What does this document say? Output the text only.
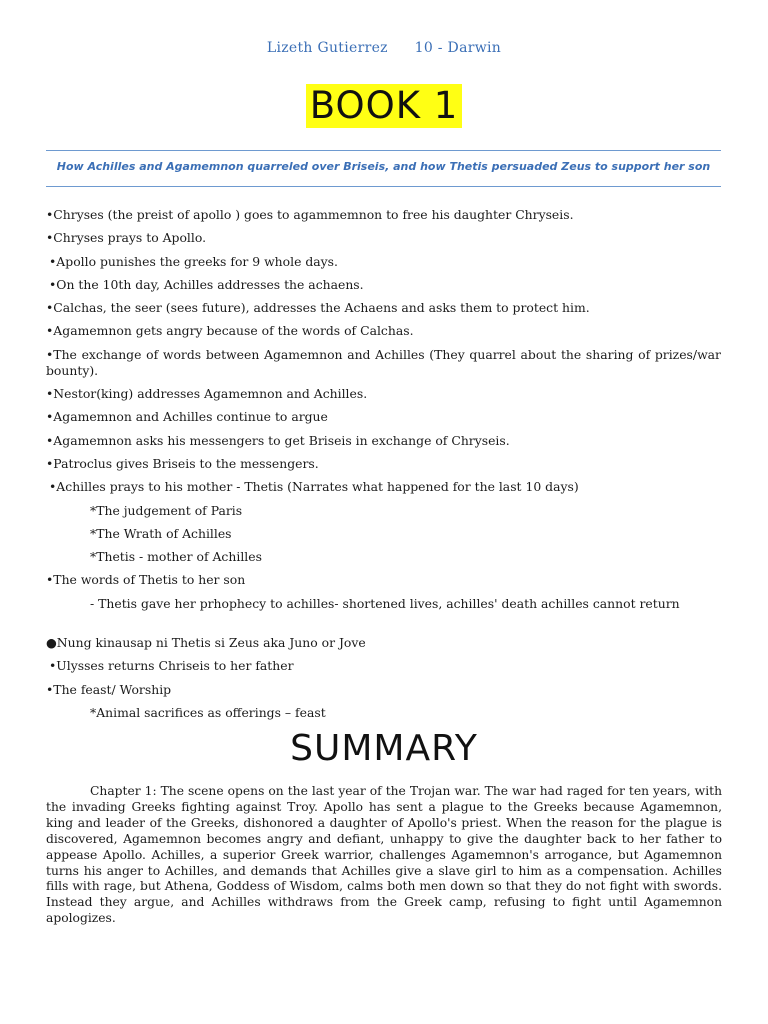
Lizeth Gutierrez 10 - Darwin
BOOK 1
How Achilles and Agamemnon quarreled over Briseis, and how Thetis persuaded Zeus to support her son
•Chryses (the preist of apollo ) goes to agammemnon to free his daughter Chryseis.
•Chryses prays to Apollo.
•Apollo punishes the greeks for 9 whole days.
•On the 10th day, Achilles addresses the achaens.
•Calchas, the seer (sees future), addresses the Achaens and asks them to protect him.
•Agamemnon gets angry because of the words of Calchas.
•The exchange of words between Agamemnon and Achilles (They quarrel about the sharing of prizes/war bounty).
•Nestor(king) addresses Agamemnon and Achilles.
•Agamemnon and Achilles continue to argue
•Agamemnon asks his messengers to get Briseis in exchange of Chryseis.
•Patroclus gives Briseis to the messengers.
•Achilles prays to his mother - Thetis (Narrates what happened for the last 10 days)
*The judgement of Paris
*The Wrath of Achilles
*Thetis - mother of Achilles
•The words of Thetis to her son
- Thetis gave her prhophecy to achilles- shortened lives, achilles' death achilles cannot return
●Nung kinausap ni Thetis si Zeus aka Juno or Jove
•Ulysses returns Chriseis to her father
•The feast/ Worship
*Animal sacrifices as offerings – feast
SUMMARY
Chapter 1: The scene opens on the last year of the Trojan war. The war had raged for ten years, with the invading Greeks fighting against Troy. Apollo has sent a plague to the Greeks because Agamemnon, king and leader of the Greeks, dishonored a daughter of Apollo's priest. When the reason for the plague is discovered, Agamemnon becomes angry and defiant, unhappy to give the daughter back to her father to appease Apollo. Achilles, a superior Greek warrior, challenges Agamemnon's arrogance, but Agamemnon turns his anger to Achilles, and demands that Achilles give a slave girl to him as a compensation. Achilles fills with rage, but Athena, Goddess of Wisdom, calms both men down so that they do not fight with swords. Instead they argue, and Achilles withdraws from the Greek camp, refusing to fight until Agamemnon apologizes.
